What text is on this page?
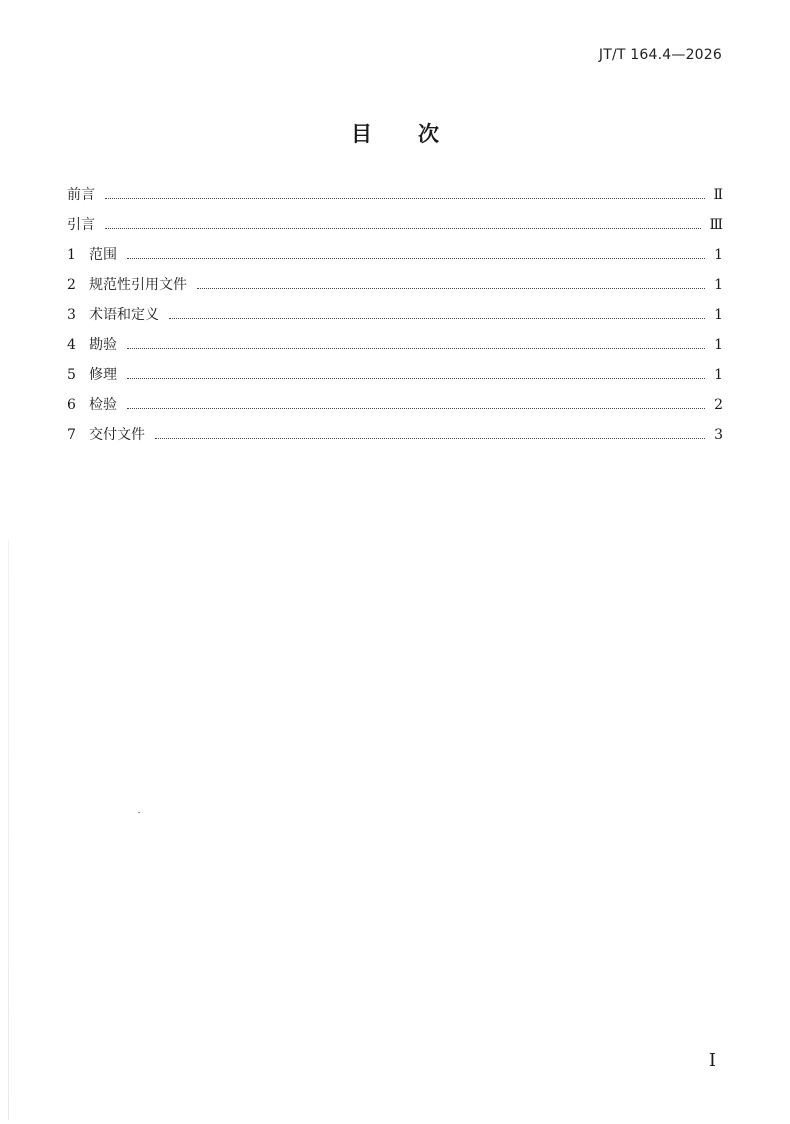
JT/T 164.4—2026
目次
前言	Ⅱ
引言	Ⅲ
1 范围	1
2 规范性引用文件	1
3 术语和定义	1
4 勘验	1
5 修理	1
6 检验	2
7 交付文件	3
I
